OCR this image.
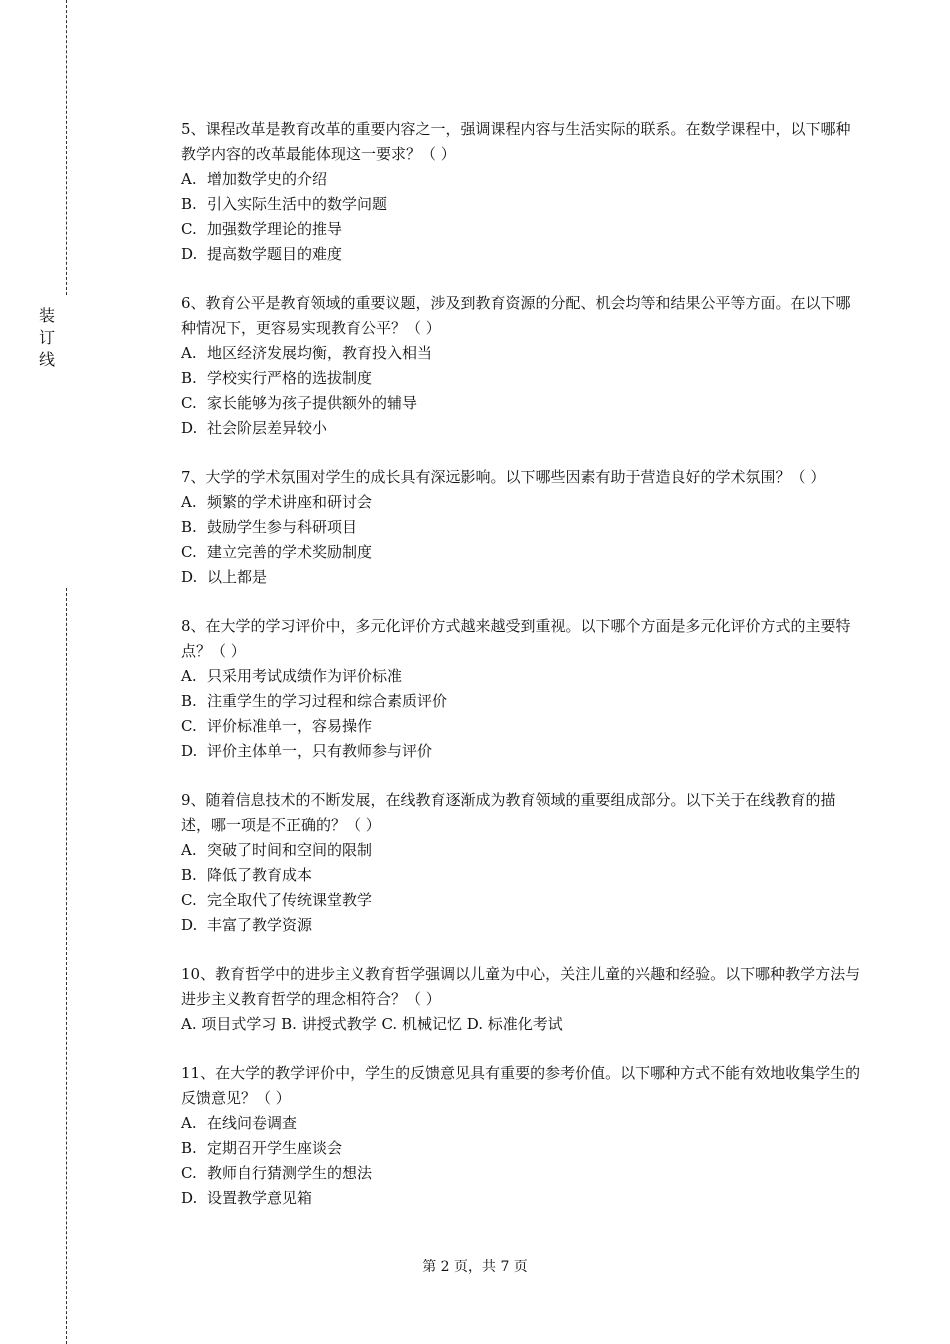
装
订
线

5、课程改革是教育改革的重要内容之一，强调课程内容与生活实际的联系。在数学课程中，以下哪种教学内容的改革最能体现这一要求？（ ）

A. 增加数学史的介绍

B. 引入实际生活中的数学问题

C. 加强数学理论的推导

D. 提高数学题目的难度

6、教育公平是教育领域的重要议题，涉及到教育资源的分配、机会均等和结果公平等方面。在以下哪种情况下，更容易实现教育公平？（ ）

A. 地区经济发展均衡，教育投入相当

B. 学校实行严格的选拔制度

C. 家长能够为孩子提供额外的辅导

D. 社会阶层差异较小

7、大学的学术氛围对学生的成长具有深远影响。以下哪些因素有助于营造良好的学术氛围？（ ）

A. 频繁的学术讲座和研讨会

B. 鼓励学生参与科研项目

C. 建立完善的学术奖励制度

D. 以上都是

8、在大学的学习评价中，多元化评价方式越来越受到重视。以下哪个方面是多元化评价方式的主要特点？（ ）

A. 只采用考试成绩作为评价标准

B. 注重学生的学习过程和综合素质评价

C. 评价标准单一，容易操作

D. 评价主体单一，只有教师参与评价

9、随着信息技术的不断发展，在线教育逐渐成为教育领域的重要组成部分。以下关于在线教育的描述，哪一项是不正确的？（ ）

A. 突破了时间和空间的限制

B. 降低了教育成本

C. 完全取代了传统课堂教学

D. 丰富了教学资源

10、教育哲学中的进步主义教育哲学强调以儿童为中心，关注儿童的兴趣和经验。以下哪种教学方法与进步主义教育哲学的理念相符合？（ ）

A. 项目式学习 B. 讲授式教学 C. 机械记忆 D. 标准化考试

11、在大学的教学评价中，学生的反馈意见具有重要的参考价值。以下哪种方式不能有效地收集学生的反馈意见？（ ）

A. 在线问卷调查

B. 定期召开学生座谈会

C. 教师自行猜测学生的想法

D. 设置教学意见箱

第 2 页，共 7 页
